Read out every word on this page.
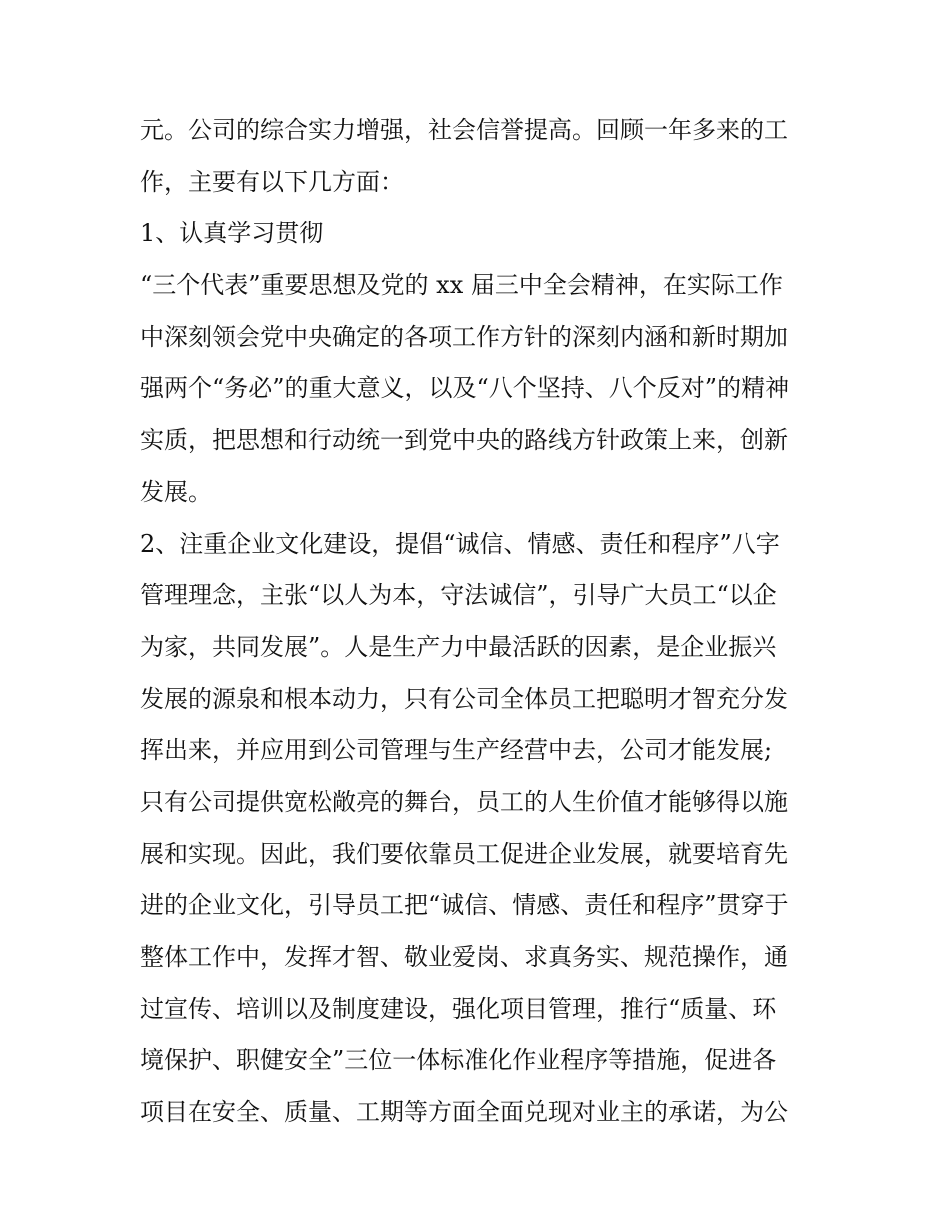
元。公司的综合实力增强，社会信誉提高。回顾一年多来的工
作，主要有以下几方面：
1、认真学习贯彻
“三个代表”重要思想及党的 xx 届三中全会精神，在实际工作
中深刻领会党中央确定的各项工作方针的深刻内涵和新时期加
强两个“务必”的重大意义，以及“八个坚持、八个反对”的精神
实质，把思想和行动统一到党中央的路线方针政策上来，创新
发展。
2、注重企业文化建设，提倡“诚信、情感、责任和程序”八字
管理理念，主张“以人为本，守法诚信”，引导广大员工“以企
为家，共同发展”。人是生产力中最活跃的因素，是企业振兴
发展的源泉和根本动力，只有公司全体员工把聪明才智充分发
挥出来，并应用到公司管理与生产经营中去，公司才能发展;
只有公司提供宽松敞亮的舞台，员工的人生价值才能够得以施
展和实现。因此，我们要依靠员工促进企业发展，就要培育先
进的企业文化，引导员工把“诚信、情感、责任和程序”贯穿于
整体工作中，发挥才智、敬业爱岗、求真务实、规范操作，通
过宣传、培训以及制度建设，强化项目管理，推行“质量、环
境保护、职健安全”三位一体标准化作业程序等措施，促进各
项目在安全、质量、工期等方面全面兑现对业主的承诺，为公
